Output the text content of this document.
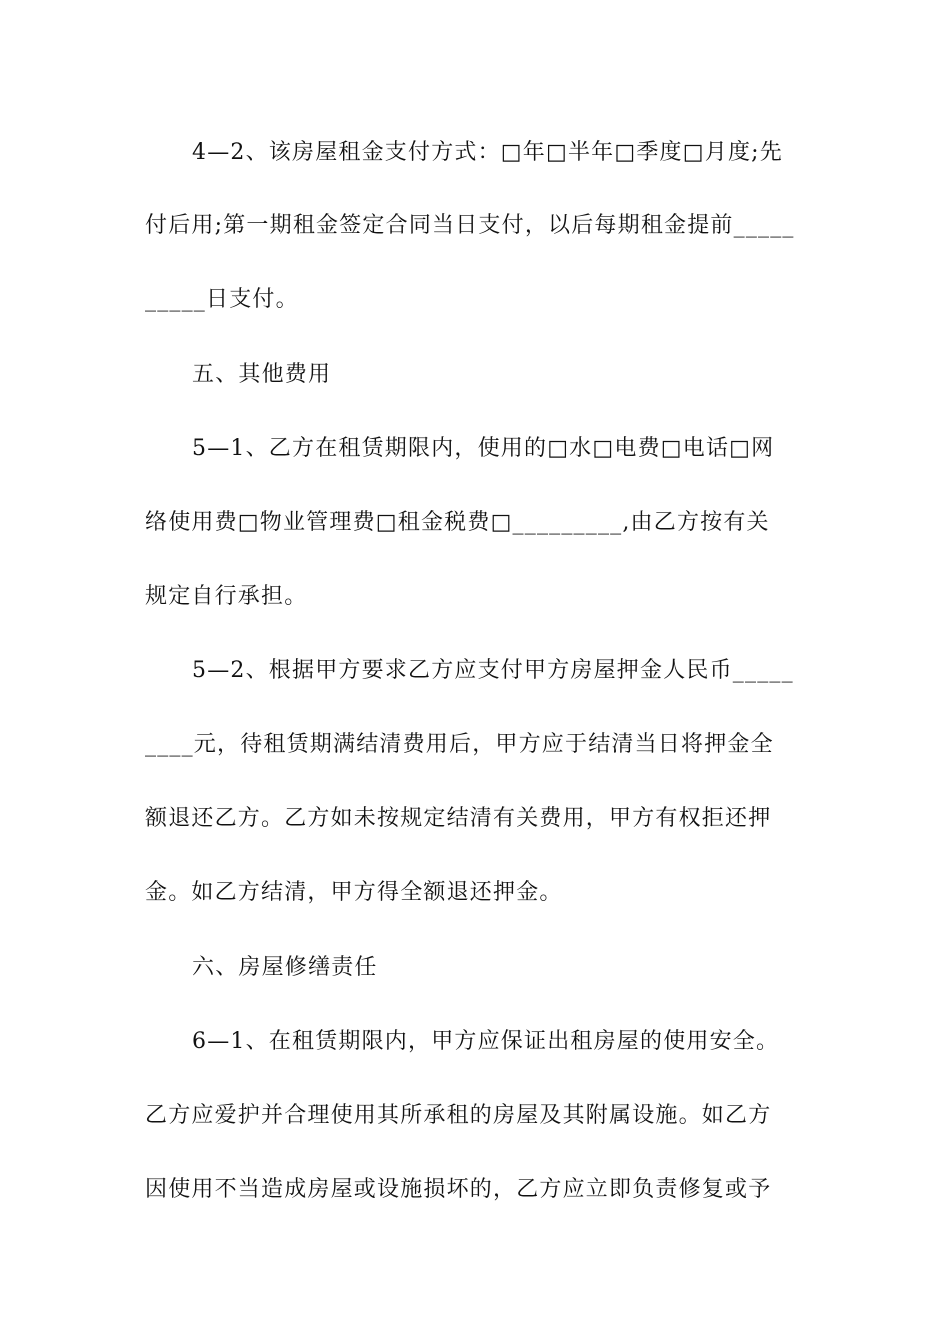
4—2、该房屋租金支付方式：□年□半年□季度□月度;先
付后用;第一期租金签定合同当日支付，以后每期租金提前_____
_____日支付。
五、其他费用
5—1、乙方在租赁期限内，使用的□水□电费□电话□网
络使用费□物业管理费□租金税费□_________,由乙方按有关
规定自行承担。
5—2、根据甲方要求乙方应支付甲方房屋押金人民币_____
____元，待租赁期满结清费用后，甲方应于结清当日将押金全
额退还乙方。乙方如未按规定结清有关费用，甲方有权拒还押
金。如乙方结清，甲方得全额退还押金。
六、房屋修缮责任
6—1、在租赁期限内，甲方应保证出租房屋的使用安全。
乙方应爱护并合理使用其所承租的房屋及其附属设施。如乙方
因使用不当造成房屋或设施损坏的，乙方应立即负责修复或予
